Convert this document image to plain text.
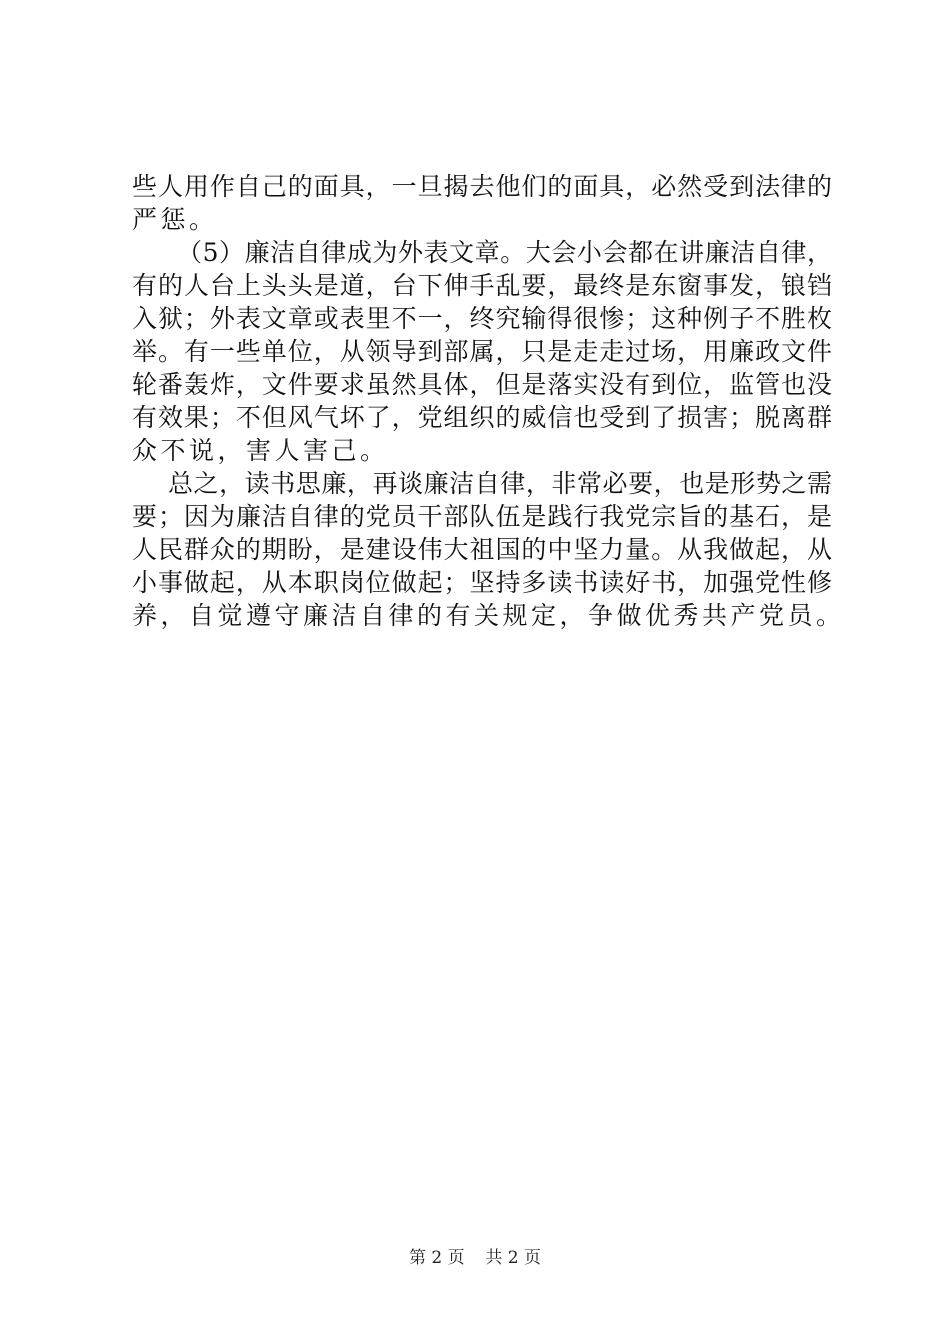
些人用作自己的面具，一旦揭去他们的面具，必然受到法律的
严惩。
（5）廉洁自律成为外表文章。大会小会都在讲廉洁自律，
有的人台上头头是道，台下伸手乱要，最终是东窗事发，锒铛
入狱；外表文章或表里不一，终究输得很惨；这种例子不胜枚
举。有一些单位，从领导到部属，只是走走过场，用廉政文件
轮番轰炸，文件要求虽然具体，但是落实没有到位，监管也没
有效果；不但风气坏了，党组织的威信也受到了损害；脱离群
众不说，害人害己。
总之，读书思廉，再谈廉洁自律，非常必要，也是形势之需
要；因为廉洁自律的党员干部队伍是践行我党宗旨的基石，是
人民群众的期盼，是建设伟大祖国的中坚力量。从我做起，从
小事做起，从本职岗位做起；坚持多读书读好书，加强党性修
养，自觉遵守廉洁自律的有关规定，争做优秀共产党员。
第 2 页 共 2 页
